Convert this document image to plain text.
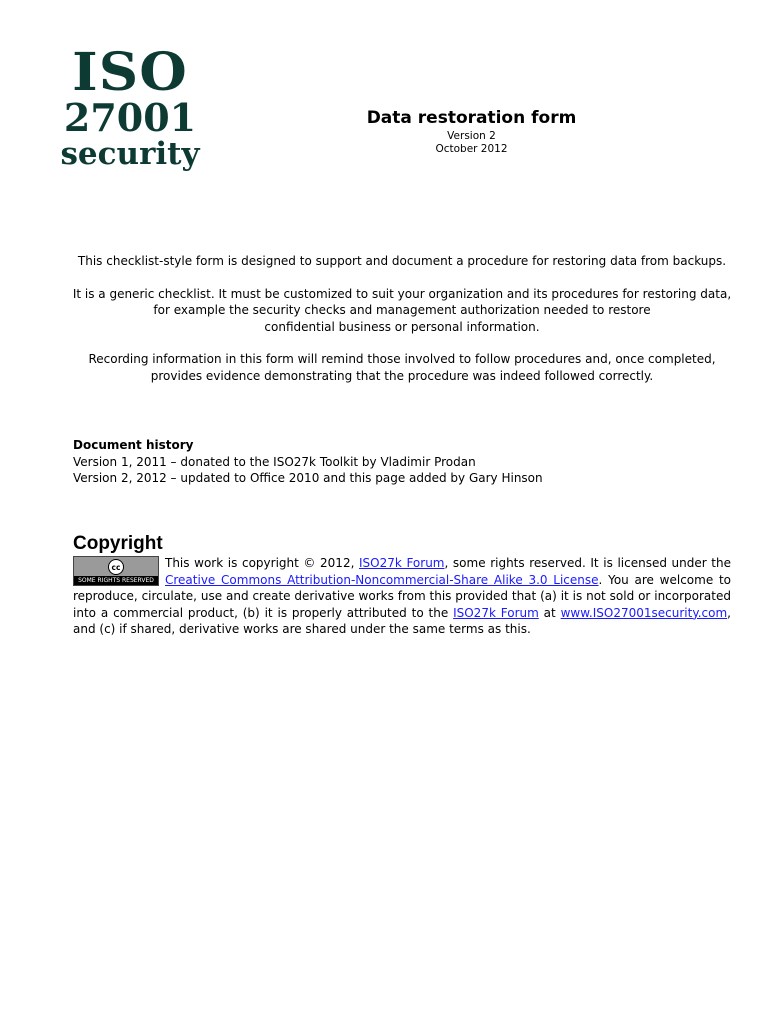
ISO
27001
security
Data restoration form
Version 2
October 2012

This checklist-style form is designed to support and document a procedure for restoring data from backups.

It is a generic checklist. It must be customized to suit your organization and its procedures for restoring data,
for example the security checks and management authorization needed to restore
confidential business or personal information.

Recording information in this form will remind those involved to follow procedures and, once completed,
provides evidence demonstrating that the procedure was indeed followed correctly.

Document history
Version 1, 2011 – donated to the ISO27k Toolkit by Vladimir Prodan
Version 2, 2012 – updated to Office 2010 and this page added by Gary Hinson
Copyright

cc
SOME RIGHTS RESERVED
This work is copyright © 2012, ISO27k Forum, some rights reserved. It is licensed under the Creative Commons Attribution-Noncommercial-Share Alike 3.0 License. You are welcome to reproduce, circulate, use and create derivative works from this provided that (a) it is not sold or incorporated into a commercial product, (b) it is properly attributed to the ISO27k Forum at www.ISO27001security.com, and (c) if shared, derivative works are shared under the same terms as this.
